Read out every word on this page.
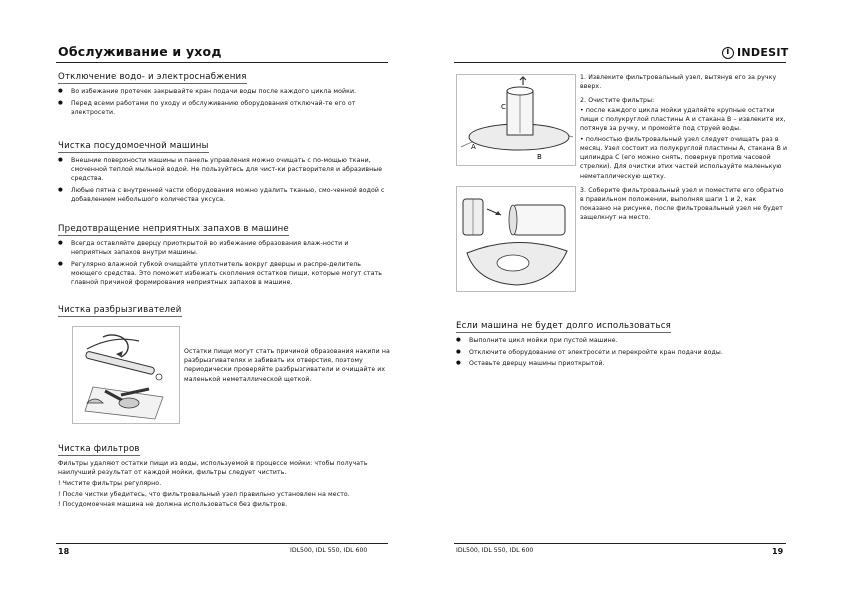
Обслуживание и уход
Отключение водо- и электроснабжения
● Во избежание протечек закрывайте кран подачи воды после каждого цикла мойки.
● Перед всеми работами по уходу и обслуживанию оборудования отключай-те его от электросети.
Чистка посудомоечной машины
● Внешние поверхности машины и панель управления можно очищать с по-мощью ткани, смоченной теплой мыльной водой. Не пользуйтесь для чист-ки растворителя и абразивные средства.
● Любые пятна с внутренней части оборудования можно удалить тканью, смо-ченной водой с добавлением небольшого количества уксуса.
Предотвращение неприятных запахов в машине
● Всегда оставляйте дверцу приоткрытой во избежание образования влаж-ности и неприятных запахов внутри машины.
● Регулярно влажной губкой очищайте уплотнитель вокруг дверцы и распре-делитель моющего средства. Это поможет избежать скопления остатков пищи, которые могут стать главной причиной формирования неприятных запахов в машине.
Чистка разбрызгивателей
Остатки пищи могут стать причиной образования накипи на разбрызгивателях и забивать их отверстия, поэтому периодически проверяйте разбрызгиватели и очищайте их маленькой неметаллической щеткой.
Чистка фильтров

Фильтры удаляют остатки пищи из воды, используемой в процессе мойки: чтобы получать наилучший результат от каждой мойки, фильтры следует чистить.

! Чистите фильтры регулярно.

! После чистки убедитесь, что фильтровальный узел правильно установлен на место.

! Посудомоечная машина не должна использоваться без фильтров.

18	IDL500, IDL 550, IDL 600
i INDESIT
C
A
B
1. Извлеките фильтровальный узел, вытянув его за ручку вверх.
2. Очистите фильтры:

• после каждого цикла мойки удаляйте крупные остатки пищи с полукруглой пластины A и стакана B – извлеките их, потянув за ручку, и промойте под струей воды.

• полностью фильтровальный узел следует очищать раз в месяц. Узел состоит из полукруглой пластины A, стакана B и цилиндра C (его можно снять, повернув против часовой стрелки). Для очистки этих частей используйте маленькую неметаллическую щетку.

3. Соберите фильтровальный узел и поместите его обратно в правильном положении, выполняя шаги 1 и 2, как показано на рисунке, после фильтровальный узел не будет защелкнут на место.
Если машина не будет долго использоваться
● Выполните цикл мойки при пустой машине.
● Отключите оборудование от электросети и перекройте кран подачи воды.
● Оставьте дверцу машины приоткрытой.
IDL500, IDL 550, IDL 600	19
